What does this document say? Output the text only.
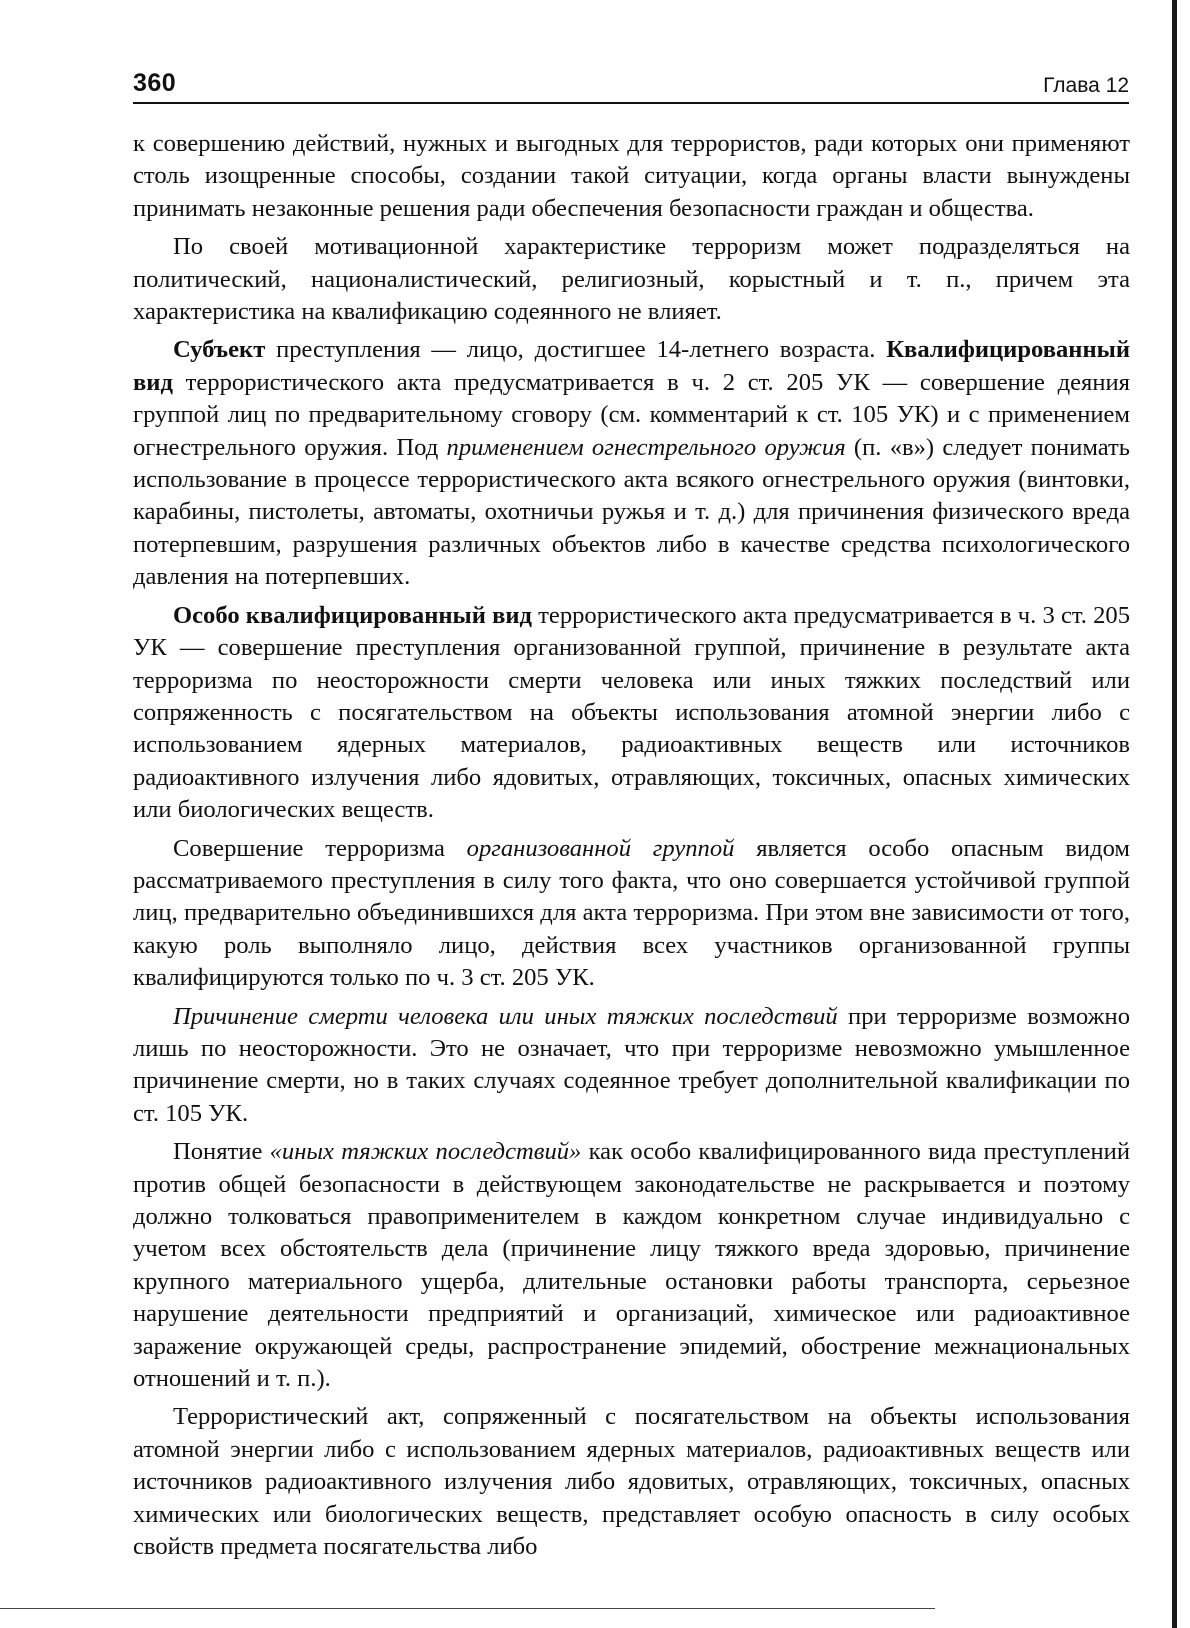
360	Глава 12

к совершению действий, нужных и выгодных для террористов, ради которых они применяют столь изощренные способы, создании такой ситуации, когда органы власти вынуждены принимать незаконные решения ради обеспечения безопасности граждан и общества.

По своей мотивационной характеристике терроризм может подразделяться на политический, националистический, религиозный, корыстный и т. п., причем эта характеристика на квалификацию содеянного не влияет.

Субъект преступления — лицо, достигшее 14-летнего возраста. Квалифицированный вид террористического акта предусматривается в ч. 2 ст. 205 УК — совершение деяния группой лиц по предварительному сговору (см. комментарий к ст. 105 УК) и с применением огнестрельного оружия. Под применением огнестрельного оружия (п. «в») следует понимать использование в процессе террористического акта всякого огнестрельного оружия (винтовки, карабины, пистолеты, автоматы, охотничьи ружья и т. д.) для причинения физического вреда потерпевшим, разрушения различных объектов либо в качестве средства психологического давления на потерпевших.

Особо квалифицированный вид террористического акта предусматривается в ч. 3 ст. 205 УК — совершение преступления организованной группой, причинение в результате акта терроризма по неосторожности смерти человека или иных тяжких последствий или сопряженность с посягательством на объекты использования атомной энергии либо с использованием ядерных материалов, радиоактивных веществ или источников радиоактивного излучения либо ядовитых, отравляющих, токсичных, опасных химических или биологических веществ.

Совершение терроризма организованной группой является особо опасным видом рассматриваемого преступления в силу того факта, что оно совершается устойчивой группой лиц, предварительно объединившихся для акта терроризма. При этом вне зависимости от того, какую роль выполняло лицо, действия всех участников организованной группы квалифицируются только по ч. 3 ст. 205 УК.

Причинение смерти человека или иных тяжких последствий при терроризме возможно лишь по неосторожности. Это не означает, что при терроризме невозможно умышленное причинение смерти, но в таких случаях содеянное требует дополнительной квалификации по ст. 105 УК.

Понятие «иных тяжких последствий» как особо квалифицированного вида преступлений против общей безопасности в действующем законодательстве не раскрывается и поэтому должно толковаться правоприменителем в каждом конкретном случае индивидуально с учетом всех обстоятельств дела (причинение лицу тяжкого вреда здоровью, причинение крупного материального ущерба, длительные остановки работы транспорта, серьезное нарушение деятельности предприятий и организаций, химическое или радиоактивное заражение окружающей среды, распространение эпидемий, обострение межнациональных отношений и т. п.).

Террористический акт, сопряженный с посягательством на объекты использования атомной энергии либо с использованием ядерных материалов, радиоактивных веществ или источников радиоактивного излучения либо ядовитых, отравляющих, токсичных, опасных химических или биологических веществ, представляет особую опасность в силу особых свойств предмета посягательства либо
